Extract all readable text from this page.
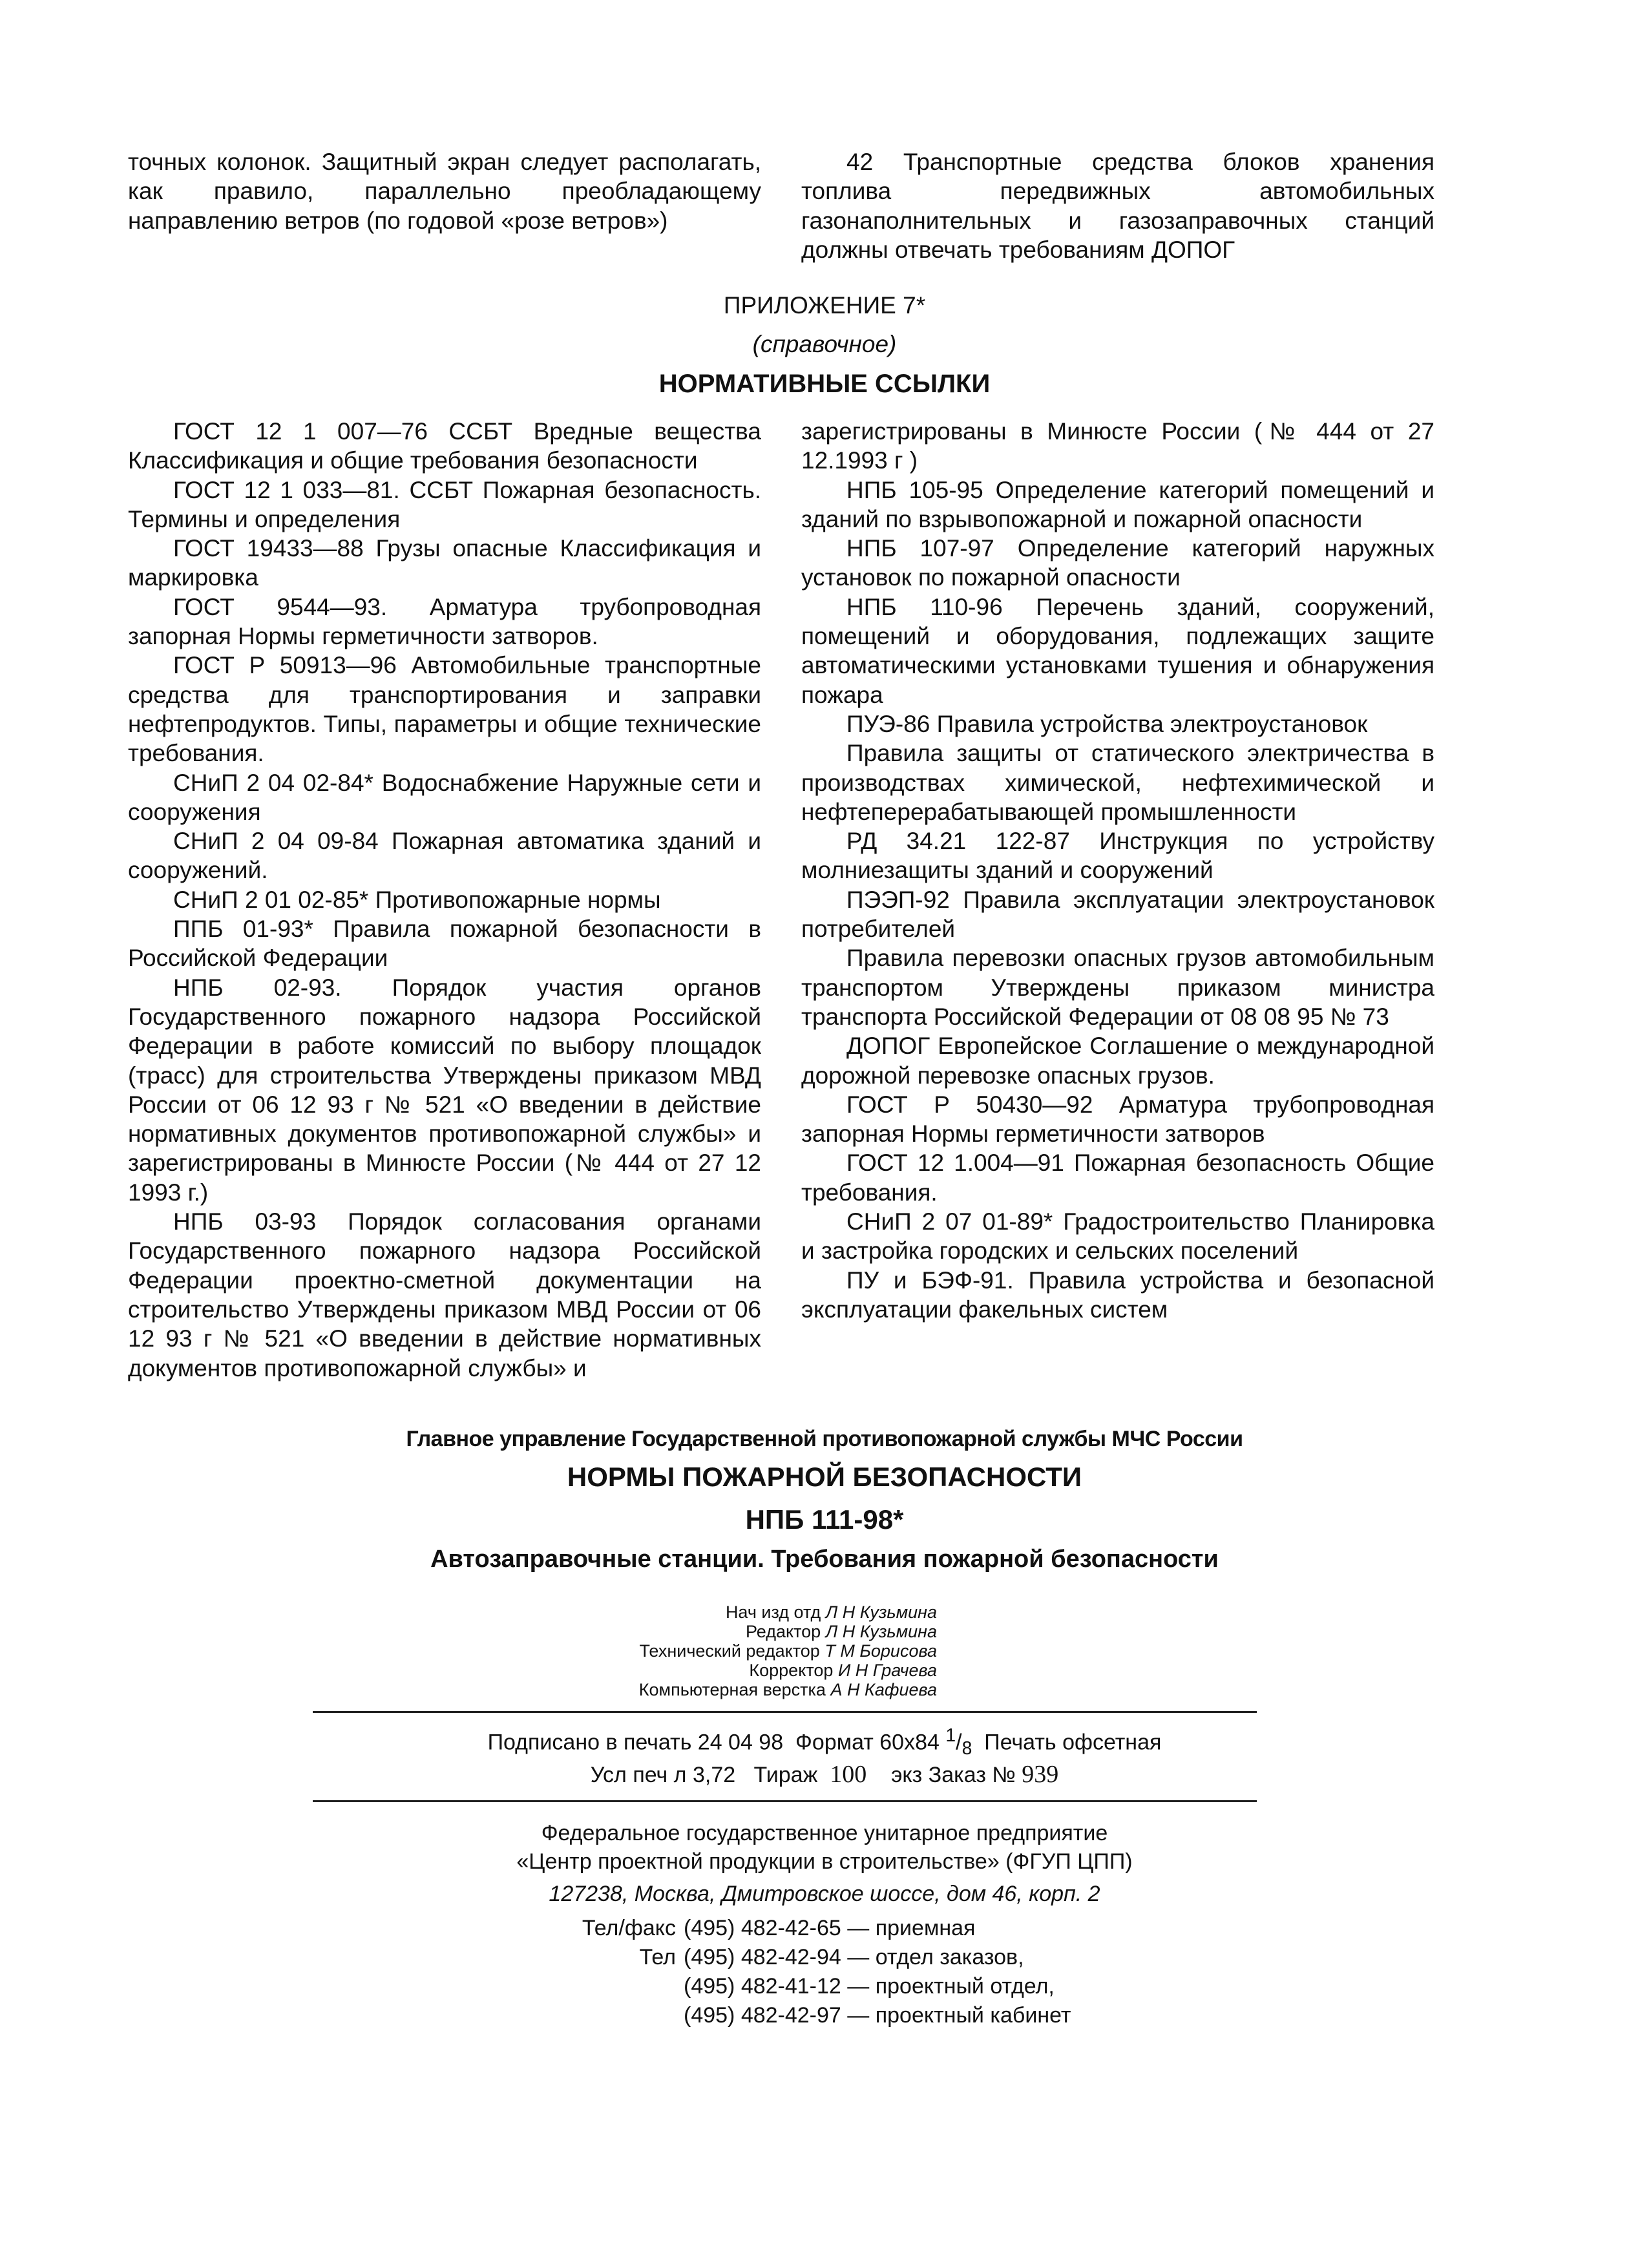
точных колонок. Защитный экран следует располагать, как правило, параллельно преобладающему направлению ветров (по годовой «розе ветров»)

42 Транспортные средства блоков хранения топлива передвижных автомобильных газонаполнительных и газозаправочных станций должны отвечать требованиям ДОПОГ

ПРИЛОЖЕНИЕ 7*
(справочное)
НОРМАТИВНЫЕ ССЫЛКИ

ГОСТ 12 1 007—76 ССБТ Вредные вещества Классификация и общие требования безопасности

ГОСТ 12 1 033—81. ССБТ Пожарная безопасность. Термины и определения

ГОСТ 19433—88 Грузы опасные Классификация и маркировка

ГОСТ 9544—93. Арматура трубопроводная запорная Нормы герметичности затворов.

ГОСТ Р 50913—96 Автомобильные транспортные средства для транспортирования и заправки нефтепродуктов. Типы, параметры и общие технические требования.

СНиП 2 04 02-84* Водоснабжение Наружные сети и сооружения

СНиП 2 04 09-84 Пожарная автоматика зданий и сооружений.

СНиП 2 01 02-85* Противопожарные нормы

ППБ 01-93* Правила пожарной безопасности в Российской Федерации

НПБ 02-93. Порядок участия органов Государственного пожарного надзора Российской Федерации в работе комиссий по выбору площадок (трасс) для строительства Утверждены приказом МВД России от 06 12 93 г № 521 «О введении в действие нормативных документов противопожарной службы» и зарегистрированы в Минюсте России (№ 444 от 27 12 1993 г.)

НПБ 03-93 Порядок согласования органами Государственного пожарного надзора Российской Федерации проектно-сметной документации на строительство Утверждены приказом МВД России от 06 12 93 г № 521 «О введении в действие нормативных документов противопожарной службы» и

зарегистрированы в Минюсте России (№ 444 от 27 12.1993 г )

НПБ 105-95 Определение категорий помещений и зданий по взрывопожарной и пожарной опасности

НПБ 107-97 Определение категорий наружных установок по пожарной опасности

НПБ 110-96 Перечень зданий, сооружений, помещений и оборудования, подлежащих защите автоматическими установками тушения и обнаружения пожара

ПУЭ-86 Правила устройства электроустановок

Правила защиты от статического электричества в производствах химической, нефтехимической и нефтеперерабатывающей промышленности

РД 34.21 122-87 Инструкция по устройству молниезащиты зданий и сооружений

ПЭЭП-92 Правила эксплуатации электроустановок потребителей

Правила перевозки опасных грузов автомобильным транспортом Утверждены приказом министра транспорта Российской Федерации от 08 08 95 № 73

ДОПОГ Европейское Соглашение о международной дорожной перевозке опасных грузов.

ГОСТ Р 50430—92 Арматура трубопроводная запорная Нормы герметичности затворов

ГОСТ 12 1.004—91 Пожарная безопасность Общие требования.

СНиП 2 07 01-89* Градостроительство Планировка и застройка городских и сельских поселений

ПУ и БЭФ-91. Правила устройства и безопасной эксплуатации факельных систем

Главное управление Государственной противопожарной службы МЧС России
НОРМЫ ПОЖАРНОЙ БЕЗОПАСНОСТИ
НПБ 111-98*
Автозаправочные станции. Требования пожарной безопасности
Нач изд отд Л Н Кузьмина
Редактор Л Н Кузьмина
Технический редактор Т М Борисова
Корректор И Н Грачева
Компьютерная верстка А Н Кафиева
Подписано в печать 24 04 98 Формат 60х84 $^1/_8$ Печать офсетная
Усл печ л 3,72 Тираж 100 экз Заказ № 939
Федеральное государственное унитарное предприятие
«Центр проектной продукции в строительстве» (ФГУП ЦПП)
127238, Москва, Дмитровское шоссе, дом 46, корп. 2
Тел/факс (495) 482-42-65 — приемная
Тел (495) 482-42-94 — отдел заказов,
(495) 482-41-12 — проектный отдел,
(495) 482-42-97 — проектный кабинет
